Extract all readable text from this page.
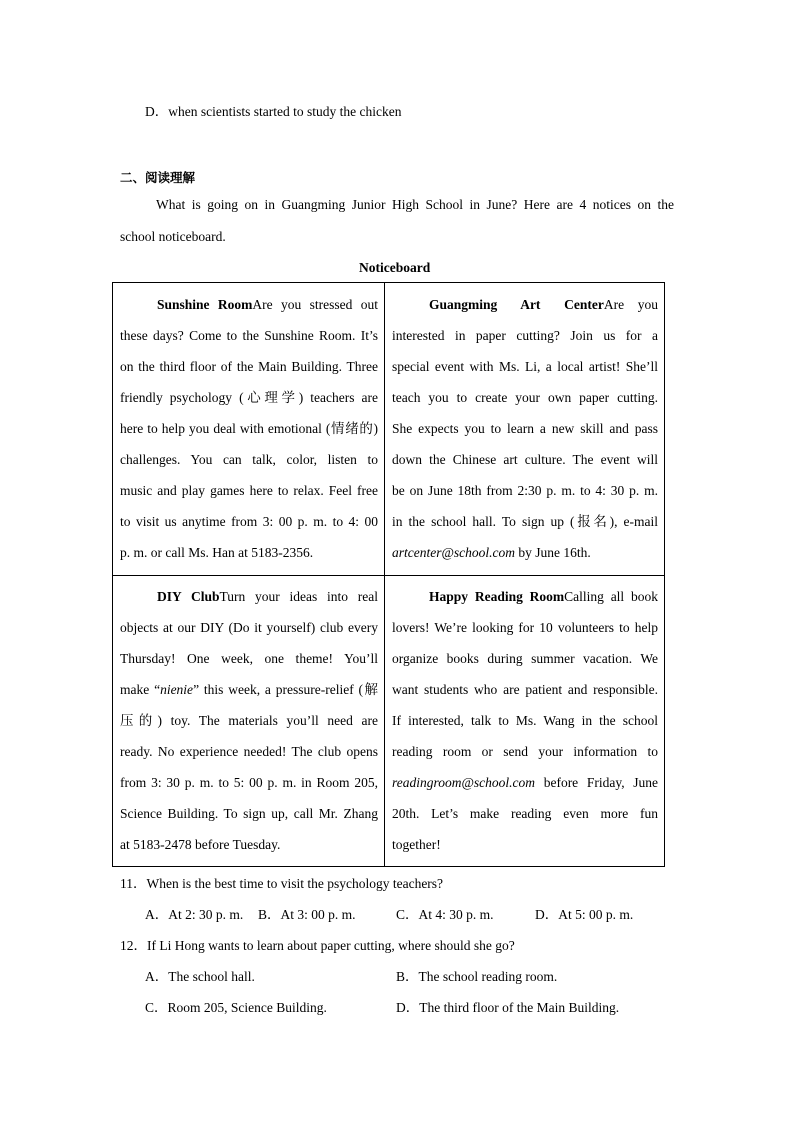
D．when scientists started to study the chicken
二、阅读理解
What is going on in Guangming Junior High School in June? Here are 4 notices on the
school noticeboard.
Noticeboard
Sunshine RoomAre you stressed out
these days? Come to the Sunshine Room. It’s
on the third floor of the Main Building. Three
friendly psychology (心理学) teachers are
here to help you deal with emotional (情绪的)
challenges. You can talk, color, listen to
music and play games here to relax. Feel free
to visit us anytime from 3: 00 p. m. to 4: 00
p. m. or call Ms. Han at 5183-2356.
Guangming Art CenterAre you
interested in paper cutting? Join us for a
special event with Ms. Li, a local artist! She’ll
teach you to create your own paper cutting.
She expects you to learn a new skill and pass
down the Chinese art culture. The event will
be on June 18th from 2:30 p. m. to 4: 30 p. m.
in the school hall. To sign up (报名), e-mail
artcenter@school.com by June 16th.
DIY ClubTurn your ideas into real
objects at our DIY (Do it yourself) club every
Thursday! One week, one theme! You’ll
make “nienie” this week, a pressure-relief (解
压的) toy. The materials you’ll need are
ready. No experience needed! The club opens
from 3: 30 p. m. to 5: 00 p. m. in Room 205,
Science Building. To sign up, call Mr. Zhang
at 5183-2478 before Tuesday.
Happy Reading RoomCalling all book
lovers! We’re looking for 10 volunteers to help
organize books during summer vacation. We
want students who are patient and responsible.
If interested, talk to Ms. Wang in the school
reading room or send your information to
readingroom@school.com before Friday, June
20th. Let’s make reading even more fun
together!
11．When is the best time to visit the psychology teachers?
A．At 2: 30 p. m. B．At 3: 00 p. m.	C．At 4: 30 p. m.	D．At 5: 00 p. m.
12．If Li Hong wants to learn about paper cutting, where should she go?
A．The school hall.	B．The school reading room.
C．Room 205, Science Building.	D．The third floor of the Main Building.
